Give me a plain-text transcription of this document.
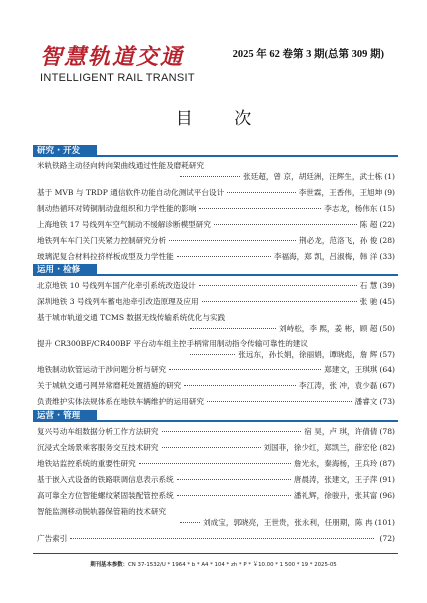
智慧轨道交通
INTELLIGENT RAIL TRANSIT
2025 年 62 卷第 3 期(总第 309 期)
目 次
研究 · 开发
米轨铁路主动径向转向架曲线通过性能及磨耗研究
张廷超，曾 京，胡廷洲，汪辉生，武士栋 (1)
基于 MVB 与 TRDP 通信软件功能自动化测试平台设计	李世霖，王香伟，王旭坤 (9)
制动热循环对铸铜制动盘组织和力学性能的影响	李志龙，杨伟东 (15)
上海地铁 17 号线列车空气制动不缓解诊断模型研究	陈 超 (22)
地铁列车车门关门夹紧力控制研究分析	荆必龙，范洛飞，孙 俊 (28)
玻璃泥复合材料拉挤样板成型及力学性能	李福海，郑 凯，吕淑梅，韩 洋 (33)
运用 · 检修
北京地铁 10 号线列车国产化牵引系统改造设计	石 慧 (39)
深圳地铁 3 号线列车蓄电池牵引改造原理及应用	张 驰 (45)
基于城市轨道交通 TCMS 数据无线传输系统优化与实践
刘峙松，李 熙，姜 彬，顾 超 (50)
提升 CR300BF/CR400BF 平台动车组主控手柄常用制动指令传输可靠性的建议
张远东，孙长娟，徐丽娟，谭晓彪，詹 辉 (57)
地铁制动软管运动干涉问题分析与研究	郑建文，王琪琪 (64)
关于城轨交通弓网异常磨耗处置措施的研究	李江涛，张 冲，袁少磊 (67)
负责维护实体法规体系在地铁车辆维护的运用研究	潘睿文 (73)
运营 · 管理
复兴号动车组数据分析工作方法研究	宿 昊，卢 琪，许倩倩 (78)
沉浸式全场景乘客服务交互技术研究	刘国菲，徐少红，郑凯兰，薛宏伦 (82)
地铁站监控系统的重要性研究	詹光永，秦海杨，王兵玲 (87)
基于嵌入式设备的铁路联调信息表示系统	唐晨涛，张建文，王子萍 (91)
高可靠全方位智能螺纹紧固装配管控系统	潘礼辉，徐骏升，张其富 (96)
智能监测移动脱轨器保管箱的技术研究
刘成宝，郭晓亮，王世贵，张永利，任朋期，陈 冉 (101)
广告索引	(72)
期刊基本参数：CN 37-1532/U * 1964 * b * A4 * 104 * zh * P * ￥10.00 * 1 500 * 19 * 2025-05
